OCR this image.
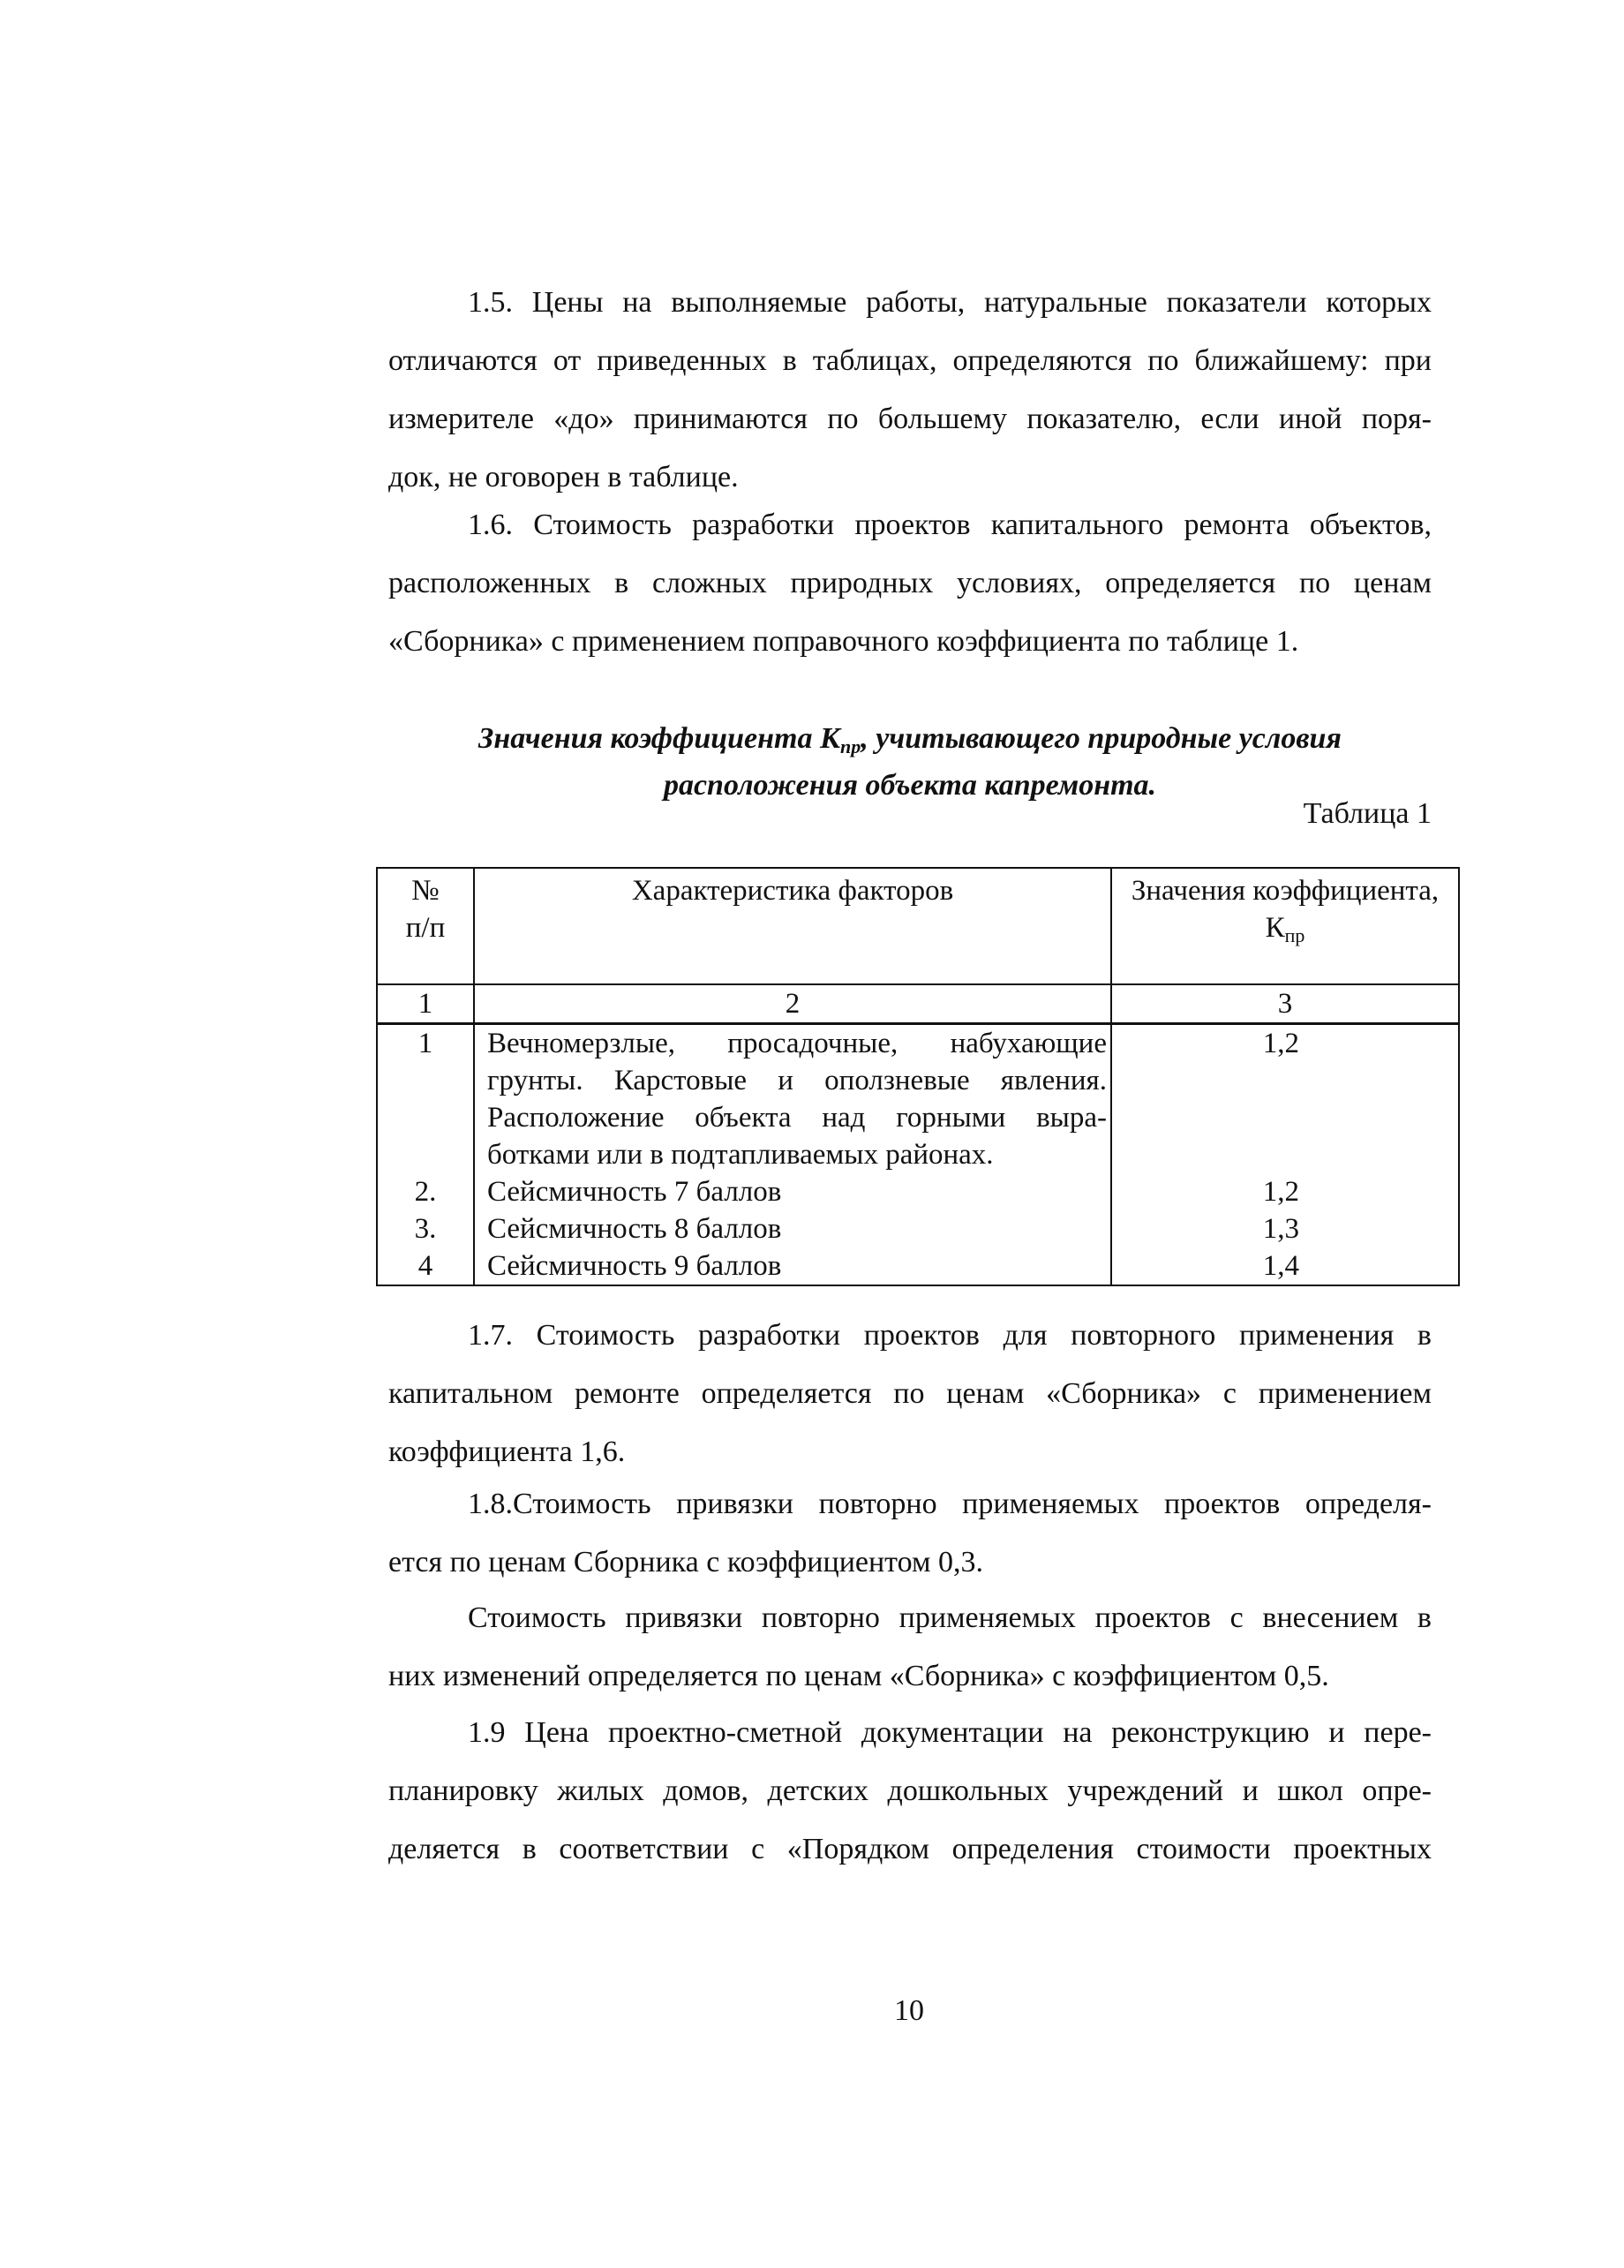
1.5. Цены на выполняемые работы, натуральные показатели которых
отличаются от приведенных в таблицах, определяются по ближайшему: при
измерителе «до» принимаются по большему показателю, если иной поря-
док, не оговорен в таблице.
1.6. Стоимость разработки проектов капитального ремонта объектов,
расположенных в сложных природных условиях, определяется по ценам
«Сборника» с применением поправочного коэффициента по таблице 1.

Значения коэффициента $К_{пр}$, учитывающего природные условия
расположения объекта капремонта.

Таблица 1

№
п/п	Характеристика факторов	Значения коэффициента,
Кпр
1	2	3
1	Вечномерзлые, просадочные, набухающие
грунты. Карстовые и оползневые явления.
Расположение объекта над горными выра-
ботками или в подтапливаемых районах.	1,2
2.	Сейсмичность 7 баллов	1,2
3.	Сейсмичность 8 баллов	1,3
4	Сейсмичность 9 баллов	1,4
1.7. Стоимость разработки проектов для повторного применения в
капитальном ремонте определяется по ценам «Сборника» с применением
коэффициента 1,6.
1.8.Стоимость привязки повторно применяемых проектов определя-
ется по ценам Сборника с коэффициентом 0,3.
Стоимость привязки повторно применяемых проектов с внесением в
них изменений определяется по ценам «Сборника» с коэффициентом 0,5.
1.9 Цена проектно-сметной документации на реконструкцию и пере-
планировку жилых домов, детских дошкольных учреждений и школ опре-
деляется в соответствии с «Порядком определения стоимости проектных

10
